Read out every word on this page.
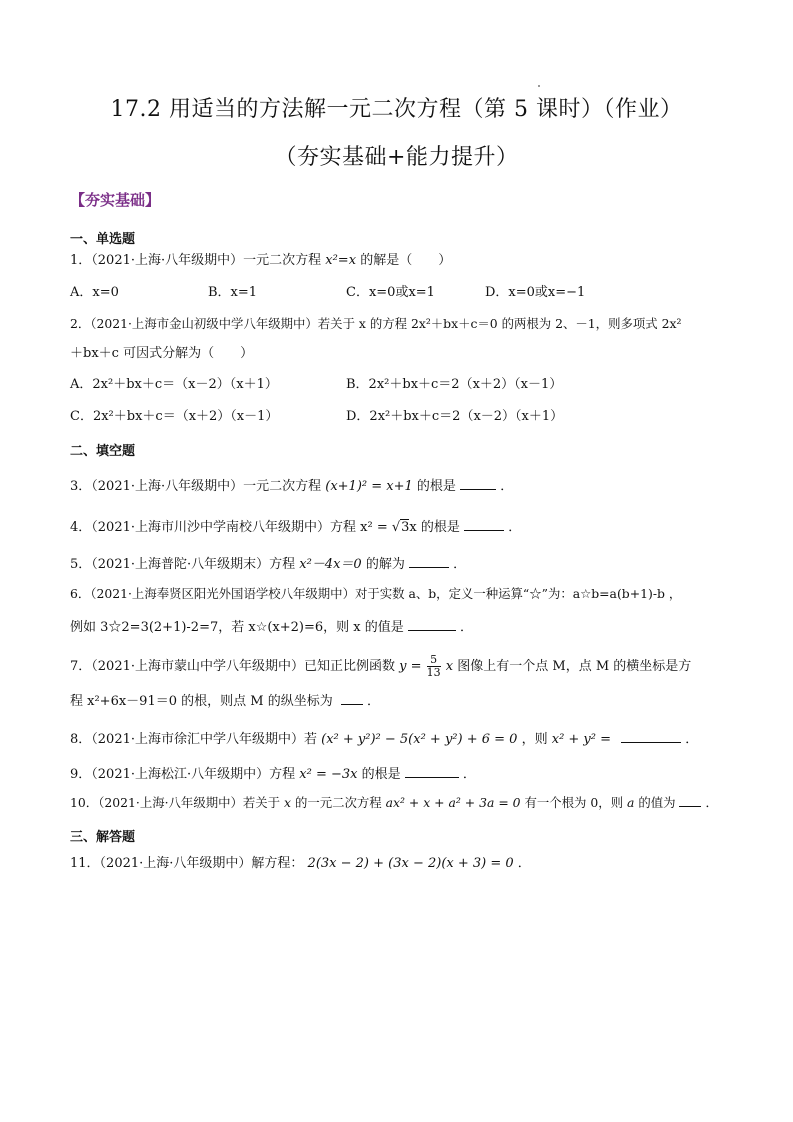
17.2 用适当的方法解一元二次方程（第 5 课时）（作业）
（夯实基础+能力提升）
【夯实基础】
一、单选题
1．（2021·上海·八年级期中）一元二次方程 x²=x 的解是（　　）
A．x=0	B．x=1	C．x=0或x=1	D．x=0或x=−1
2．（2021·上海市金山初级中学八年级期中）若关于 x 的方程 2x²＋bx＋c＝0 的两根为 2、－1，则多项式 2x²
＋bx＋c 可因式分解为（　　）
A．2x²＋bx＋c＝（x－2）（x＋1）	B．2x²＋bx＋c＝2（x＋2）（x－1）
C．2x²＋bx＋c＝（x＋2）（x－1）	D．2x²＋bx＋c＝2（x－2）（x＋1）
二、填空题
3．（2021·上海·八年级期中）一元二次方程 (x+1)² = x+1 的根是	．
4．（2021·上海市川沙中学南校八年级期中）方程 x² = √3x 的根是	．
5．（2021·上海普陀·八年级期末）方程 x²－4x＝0 的解为	．
6．（2021·上海奉贤区阳光外国语学校八年级期中）对于实数 a、b，定义一种运算“☆”为：a☆b=a(b+1)-b ，
例如 3☆2=3(2+1)-2=7，若 x☆(x+2)=6，则 x 的值是	．
7．（2021·上海市蒙山中学八年级期中）已知正比例函数 $y = \frac{5}{13}$ x 图像上有一个点 M，点 M 的横坐标是方
程 x²+6x－91＝0 的根，则点 M 的纵坐标为	．
8．（2021·上海市徐汇中学八年级期中）若 (x² + y²)² − 5(x² + y²) + 6 = 0 ，则 x² + y² =	．
9．（2021·上海松江·八年级期中）方程 x² = −3x 的根是	．
10．（2021·上海·八年级期中）若关于 x 的一元二次方程 ax² + x + a² + 3a = 0 有一个根为 0，则 a 的值为 ．
三、解答题
11．（2021·上海·八年级期中）解方程： 2(3x − 2) + (3x − 2)(x + 3) = 0 ．
